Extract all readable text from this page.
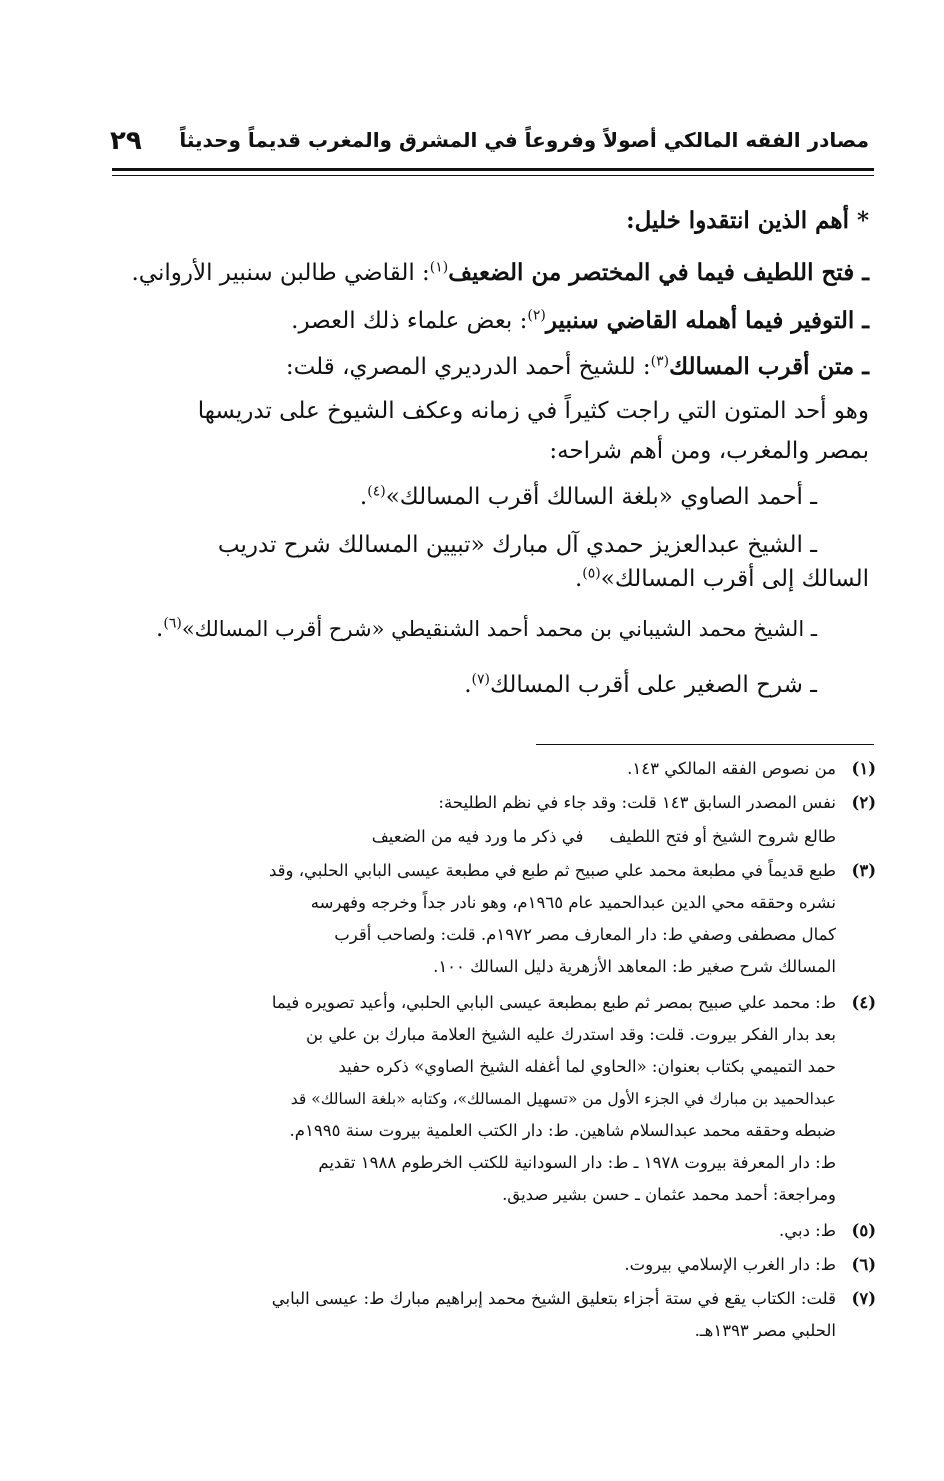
مصادر الفقه المالكي أصولاً وفروعاً في المشرق والمغرب قديماً وحديثاً
٢٩
* أهم الذين انتقدوا خليل:
ـ فتح اللطيف فيما في المختصر من الضعيف$^{(١)}$: القاضي طالبن سنبير الأرواني.
ـ التوفير فيما أهمله القاضي سنبير$^{(٢)}$: بعض علماء ذلك العصر.
ـ متن أقرب المسالك$^{(٣)}$: للشيخ أحمد الدرديري المصري، قلت:
وهو أحد المتون التي راجت كثيراً في زمانه وعكف الشيوخ على تدريسها
بمصر والمغرب، ومن أهم شراحه:
ـ أحمد الصاوي «بلغة السالك أقرب المسالك»$^{(٤)}$.
ـ الشيخ عبدالعزيز حمدي آل مبارك «تبيين المسالك شرح تدريب
السالك إلى أقرب المسالك»$^{(٥)}$.
ـ الشيخ محمد الشيباني بن محمد أحمد الشنقيطي «شرح أقرب المسالك»$^{(٦)}$.
ـ شرح الصغير على أقرب المسالك$^{(٧)}$.
(١)
من نصوص الفقه المالكي ١٤٣.
(٢)
نفس المصدر السابق ١٤٣ قلت: وقد جاء في نظم الطليحة:
طالع شروح الشيخ أو فتح اللطيف     في ذكر ما ورد فيه من الضعيف
(٣)
طبع قديماً في مطبعة محمد علي صبيح ثم طبع في مطبعة عيسى البابي الحلبي، وقد
نشره وحققه محي الدين عبدالحميد عام ١٩٦٥م، وهو نادر جداً وخرجه وفهرسه
كمال مصطفى وصفي ط: دار المعارف مصر ١٩٧٢م. قلت: ولصاحب أقرب
المسالك شرح صغير ط: المعاهد الأزهرية دليل السالك ١٠٠.
(٤)
ط: محمد علي صبيح بمصر ثم طبع بمطبعة عيسى البابي الحلبي، وأعيد تصويره فيما
بعد بدار الفكر بيروت. قلت: وقد استدرك عليه الشيخ العلامة مبارك بن علي بن
حمد التميمي بكتاب بعنوان: «الحاوي لما أغفله الشيخ الصاوي» ذكره حفيد
عبدالحميد بن مبارك في الجزء الأول من «تسهيل المسالك»، وكتابه «بلغة السالك» قد
ضبطه وحققه محمد عبدالسلام شاهين. ط: دار الكتب العلمية بيروت سنة ١٩٩٥م.
ط: دار المعرفة بيروت ١٩٧٨ ـ ط: دار السودانية للكتب الخرطوم ١٩٨٨ تقديم
ومراجعة: أحمد محمد عثمان ـ حسن بشير صديق.
(٥)
ط: دبي.
(٦)
ط: دار الغرب الإسلامي بيروت.
(٧)
قلت: الكتاب يقع في ستة أجزاء بتعليق الشيخ محمد إبراهيم مبارك ط: عيسى البابي
الحلبي مصر ١٣٩٣هـ.
